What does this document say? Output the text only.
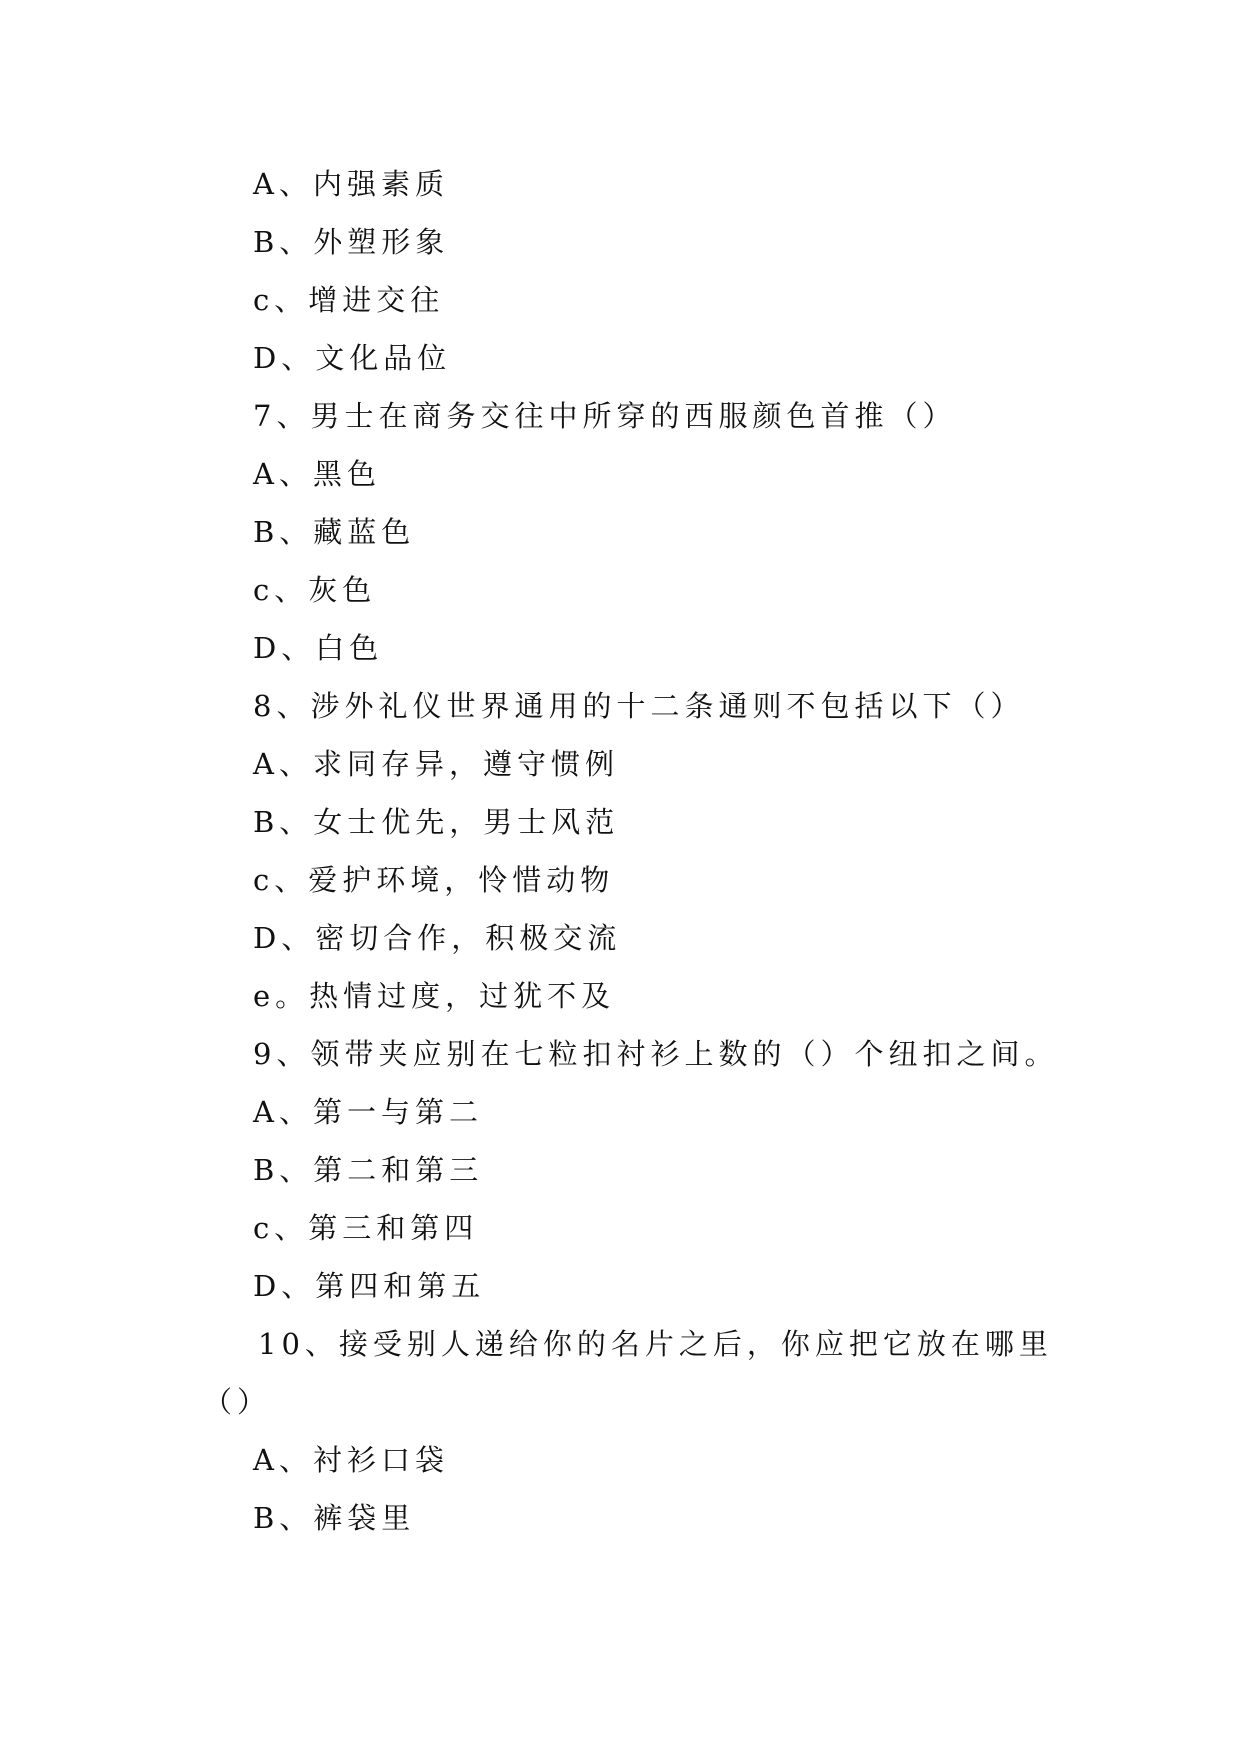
A、内强素质
B、外塑形象
c、增进交往
D、文化品位
7、男士在商务交往中所穿的西服颜色首推（）
A、黑色
B、藏蓝色
c、灰色
D、白色
8、涉外礼仪世界通用的十二条通则不包括以下（）
A、求同存异，遵守惯例
B、女士优先，男士风范
c、爱护环境，怜惜动物
D、密切合作，积极交流
e。热情过度，过犹不及
9、领带夹应别在七粒扣衬衫上数的（）个纽扣之间。
A、第一与第二
B、第二和第三
c、第三和第四
D、第四和第五
10、接受别人递给你的名片之后，你应把它放在哪里
（）
A、衬衫口袋
B、裤袋里
